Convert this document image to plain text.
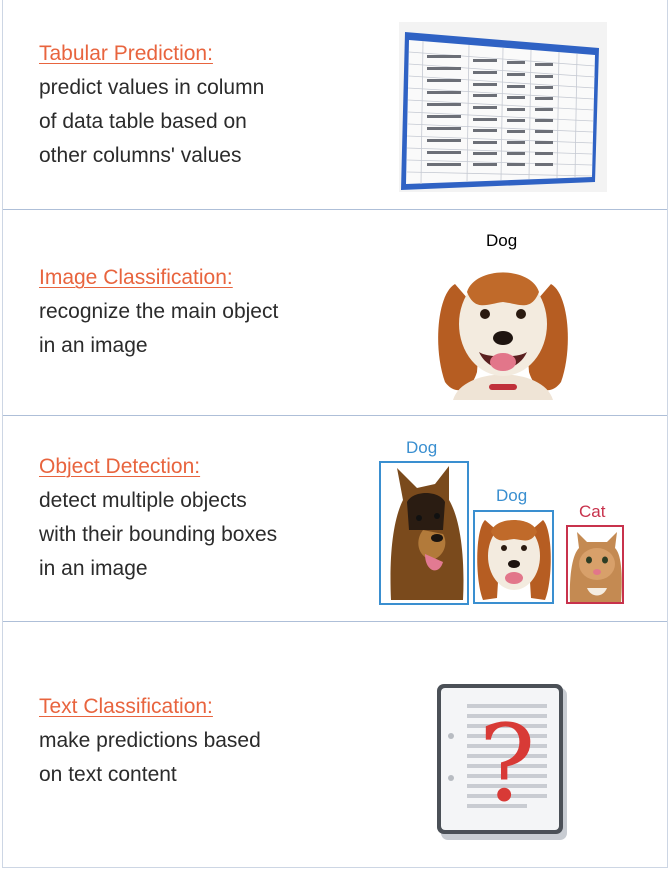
Tabular Prediction:
predict values in column
of data table based on
other columns' values
Image Classification:
recognize the main object
in an image
Dog
Object Detection:
detect multiple objects
with their bounding boxes
in an image
Dog
Dog
Cat
Text Classification:
make predictions based
on text content	?
